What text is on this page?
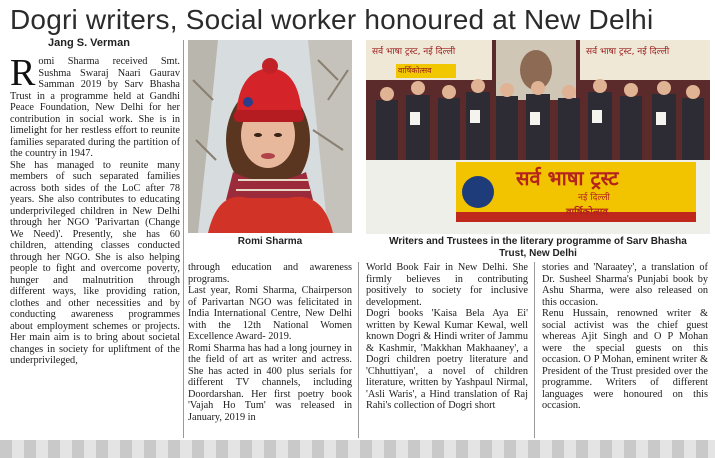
Dogri writers, Social worker honoured at New Delhi
Jang S. Verman
R omi Sharma received Smt. Sushma Swaraj Naari Gaurav Samman 2019 by Sarv Bhasha Trust in a programme held at Gandhi Peace Foundation, New Delhi for her contribution in social work. She is in limelight for her restless effort to reunite families separated during the partition of the country in 1947.

She has managed to reunite many members of such separated families across both sides of the LoC after 78 years. She also contributes to educating underprivileged children in New Delhi through her NGO 'Parivartan (Change We Need)'. Presently, she has 60 children, attending classes conducted through her NGO. She is also helping people to fight and overcome poverty, hunger and malnutrition through different ways, like providing ration, clothes and other necessities and by conducting awareness programmes about employment schemes or projects. Her main aim is to bring about societal changes in society for upliftment of the underprivileged,

Romi Sharma
सर्व भाषा ट्रस्ट, नई दिल्ली	सर्व भाषा ट्रस्ट, नई दिल्ली
वार्षिकोत्सव
सर्व भाषा ट्रस्ट
नई दिल्ली
वार्षिकोत्सव
Writers and Trustees in the literary programme of Sarv Bhasha Trust, New Delhi
through education and awareness programs.
Last year, Romi Sharma, Chairperson of Parivartan NGO was felicitated in India International Centre, New Delhi with the 12th National Women Excellence Award- 2019.
Romi Sharma has had a long journey in the field of art as writer and actress. She has acted in 400 plus serials for different TV channels, including Doordarshan. Her first poetry book 'Vajah Ho Tum' was released in January, 2019 in
World Book Fair in New Delhi. She firmly believes in contributing positively to society for inclusive development.
Dogri books 'Kaisa Bela Aya Ei' written by Kewal Kumar Kewal, well known Dogri & Hindi writer of Jammu & Kashmir, 'Makkhan Makhaaney', a Dogri children poetry literature and 'Chhuttiyan', a novel of children literature, written by Yashpaul Nirmal, 'Asli Waris', a Hind translation of Raj Rahi's collection of Dogri short
stories and 'Naraatey', a translation of Dr. Susheel Sharma's Punjabi book by Ashu Sharma, were also released on this occasion.
Renu Hussain, renowned writer & social activist was the chief guest whereas Ajit Singh and O P Mohan were the special guests on this occasion. O P Mohan, eminent writer & President of the Trust presided over the programme. Writers of different languages were honoured on this occasion.
